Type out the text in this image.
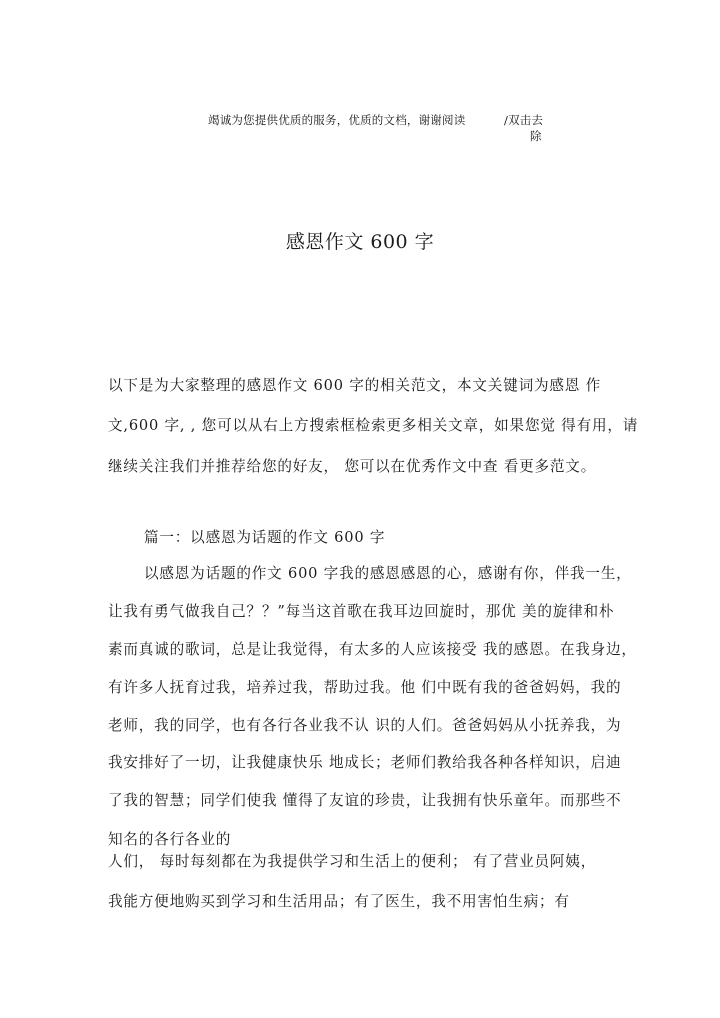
竭诚为您提供优质的服务，优质的文档，谢谢阅读	/双击去
除
感恩作文 600 字
以下是为大家整理的感恩作文 600 字的相关范文，本文关键词为感恩 作
文,600 字, , 您可以从右上方搜索框检索更多相关文章，如果您觉 得有用，请
继续关注我们并推荐给您的好友， 您可以在优秀作文中查 看更多范文。
篇一：以感恩为话题的作文 600 字
以感恩为话题的作文 600 字我的感恩感恩的心，感谢有你，伴我一生，
让我有勇气做我自己？？”每当这首歌在我耳边回旋时，那优 美的旋律和朴
素而真诚的歌词，总是让我觉得，有太多的人应该接受 我的感恩。在我身边，
有许多人抚育过我，培养过我，帮助过我。他 们中既有我的爸爸妈妈，我的
老师，我的同学，也有各行各业我不认 识的人们。爸爸妈妈从小抚养我，为
我安排好了一切，让我健康快乐 地成长；老师们教给我各种各样知识，启迪
了我的智慧；同学们使我 懂得了友谊的珍贵，让我拥有快乐童年。而那些不
知名的各行各业的
人们， 每时每刻都在为我提供学习和生活上的便利； 有了营业员阿姨，
我能方便地购买到学习和生活用品；有了医生，我不用害怕生病；有
